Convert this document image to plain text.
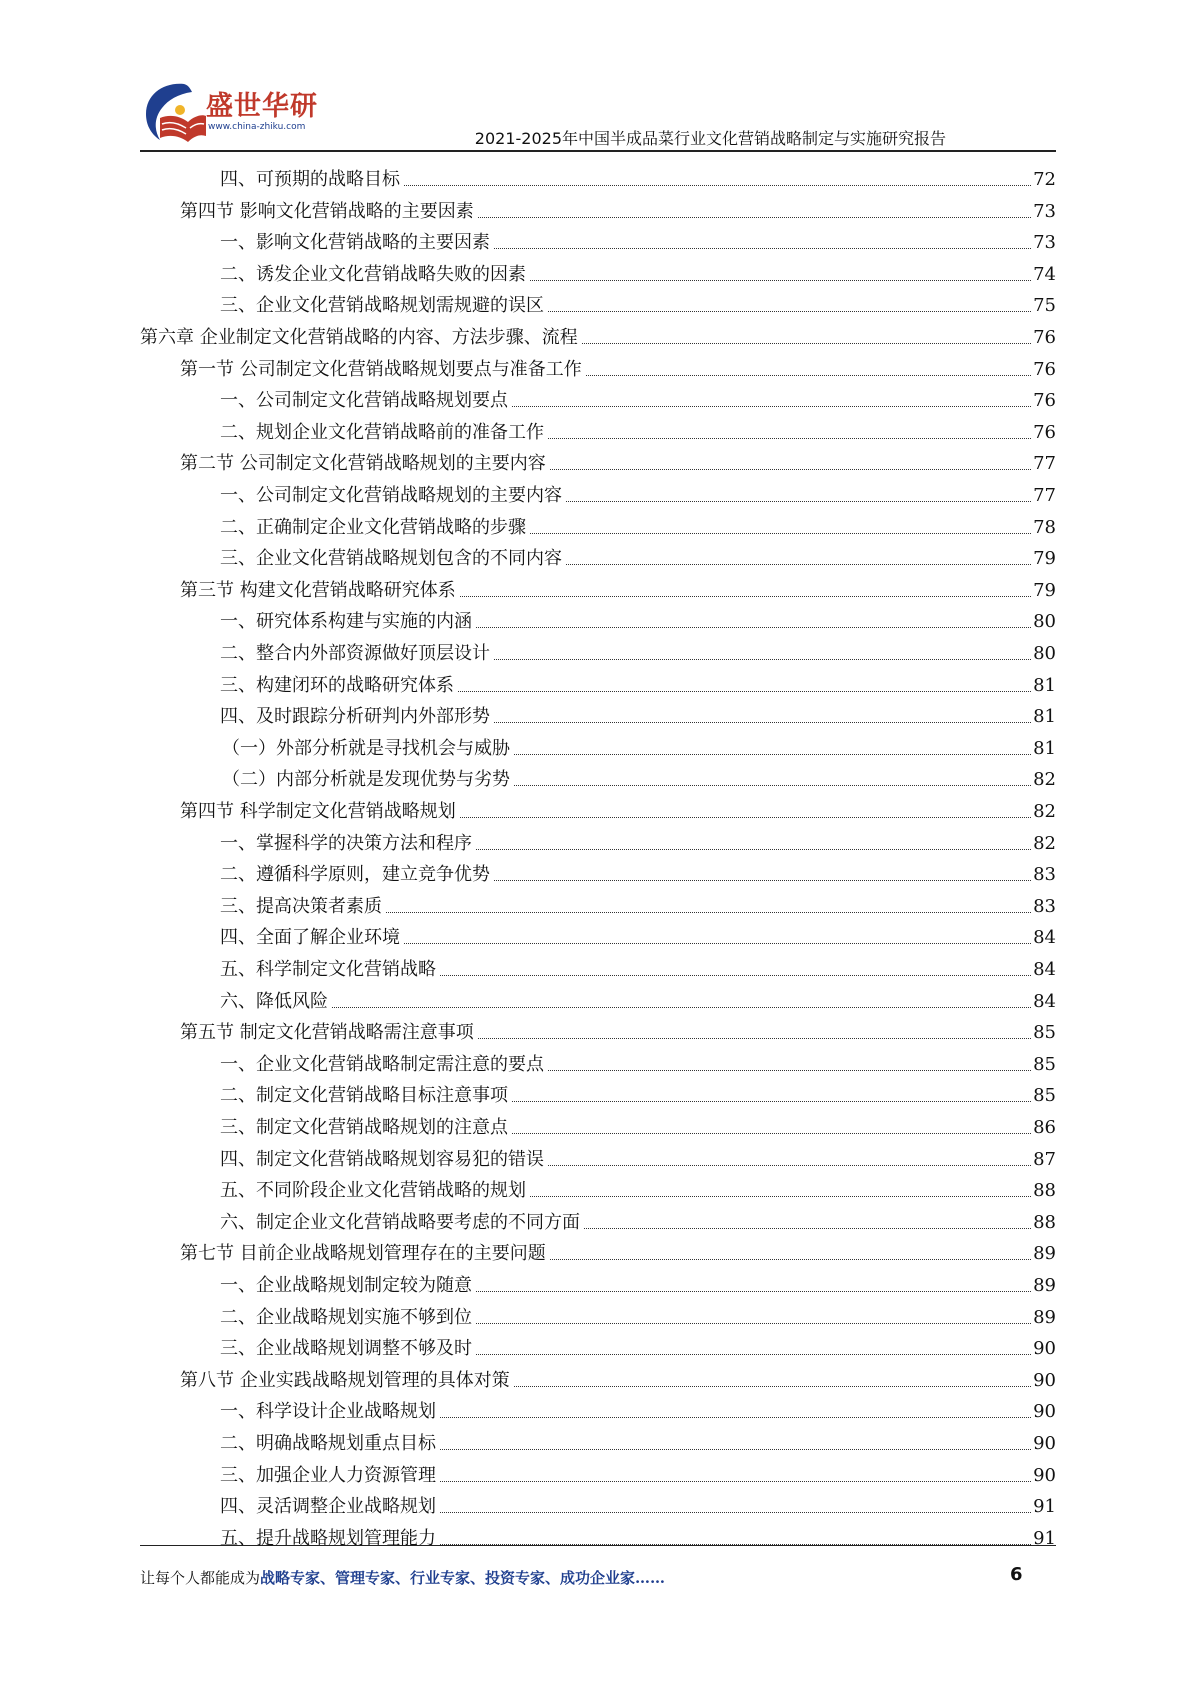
盛世华研
www.china-zhiku.com
2021-2025年中国半成品菜行业文化营销战略制定与实施研究报告
四、可预期的战略目标	72
第四节 影响文化营销战略的主要因素	73
一、影响文化营销战略的主要因素	73
二、诱发企业文化营销战略失败的因素	74
三、企业文化营销战略规划需规避的误区	75
第六章 企业制定文化营销战略的内容、方法步骤、流程	76
第一节 公司制定文化营销战略规划要点与准备工作	76
一、公司制定文化营销战略规划要点	76
二、规划企业文化营销战略前的准备工作	76
第二节 公司制定文化营销战略规划的主要内容	77
一、公司制定文化营销战略规划的主要内容	77
二、正确制定企业文化营销战略的步骤	78
三、企业文化营销战略规划包含的不同内容	79
第三节 构建文化营销战略研究体系	79
一、研究体系构建与实施的内涵	80
二、整合内外部资源做好顶层设计	80
三、构建闭环的战略研究体系	81
四、及时跟踪分析研判内外部形势	81
（一）外部分析就是寻找机会与威胁	81
（二）内部分析就是发现优势与劣势	82
第四节 科学制定文化营销战略规划	82
一、掌握科学的决策方法和程序	82
二、遵循科学原则，建立竞争优势	83
三、提高决策者素质	83
四、全面了解企业环境	84
五、科学制定文化营销战略	84
六、降低风险	84
第五节 制定文化营销战略需注意事项	85
一、企业文化营销战略制定需注意的要点	85
二、制定文化营销战略目标注意事项	85
三、制定文化营销战略规划的注意点	86
四、制定文化营销战略规划容易犯的错误	87
五、不同阶段企业文化营销战略的规划	88
六、制定企业文化营销战略要考虑的不同方面	88
第七节 目前企业战略规划管理存在的主要问题	89
一、企业战略规划制定较为随意	89
二、企业战略规划实施不够到位	89
三、企业战略规划调整不够及时	90
第八节 企业实践战略规划管理的具体对策	90
一、科学设计企业战略规划	90
二、明确战略规划重点目标	90
三、加强企业人力资源管理	90
四、灵活调整企业战略规划	91
五、提升战略规划管理能力	91
让每个人都能成为战略专家、管理专家、行业专家、投资专家、成功企业家……	6
